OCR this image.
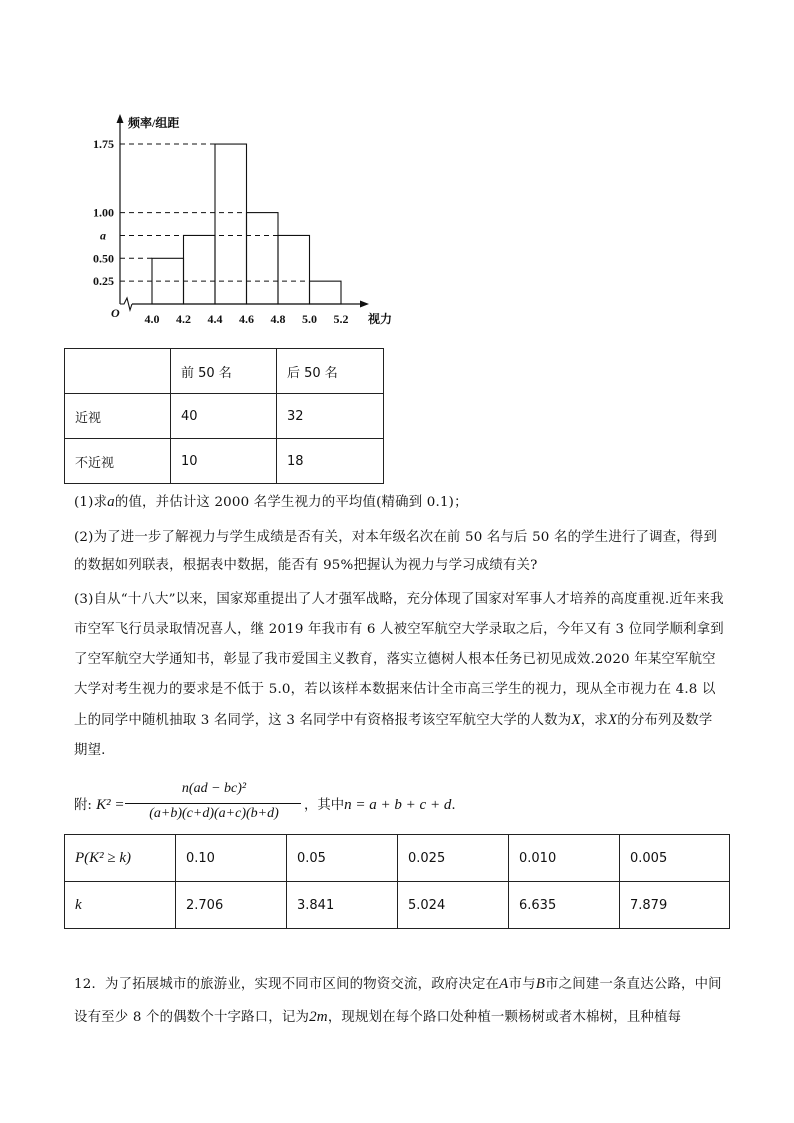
频率/组距
视力
O 4.0 4.2 4.4 4.6 4.8 5.0 5.2
0.25
0.50
a
1.00
1.75
	前 50 名	后 50 名
近视	40	32
不近视	10	18
(1)求a的值，并估计这 2000 名学生视力的平均值(精确到 0.1)；
(2)为了进一步了解视力与学生成绩是否有关，对本年级名次在前 50 名与后 50 名的学生进行了调查，得到的数据如列联表，根据表中数据，能否有 95%把握认为视力与学习成绩有关?
(3)自从“十八大”以来，国家郑重提出了人才强军战略，充分体现了国家对军事人才培养的高度重视.近年来我市空军飞行员录取情况喜人，继 2019 年我市有 6 人被空军航空大学录取之后，今年又有 3 位同学顺利拿到了空军航空大学通知书，彰显了我市爱国主义教育，落实立德树人根本任务已初见成效.2020 年某空军航空大学对考生视力的要求是不低于 5.0，若以该样本数据来估计全市高三学生的视力，现从全市视力在 4.8 以上的同学中随机抽取 3 名同学，这 3 名同学中有资格报考该空军航空大学的人数为X，求X的分布列及数学期望.
附: K² =
n(ad − bc)²
(a+b)(c+d)(a+c)(b+d)
，其中n = a + b + c + d.
P(K² ≥ k)	0.10	0.05	0.025	0.010	0.005
k	2.706	3.841	5.024	6.635	7.879
12．为了拓展城市的旅游业，实现不同市区间的物资交流，政府决定在A市与B市之间建一条直达公路，中间设有至少 8 个的偶数个十字路口，记为2m，现规划在每个路口处种植一颗杨树或者木棉树，且种植每
